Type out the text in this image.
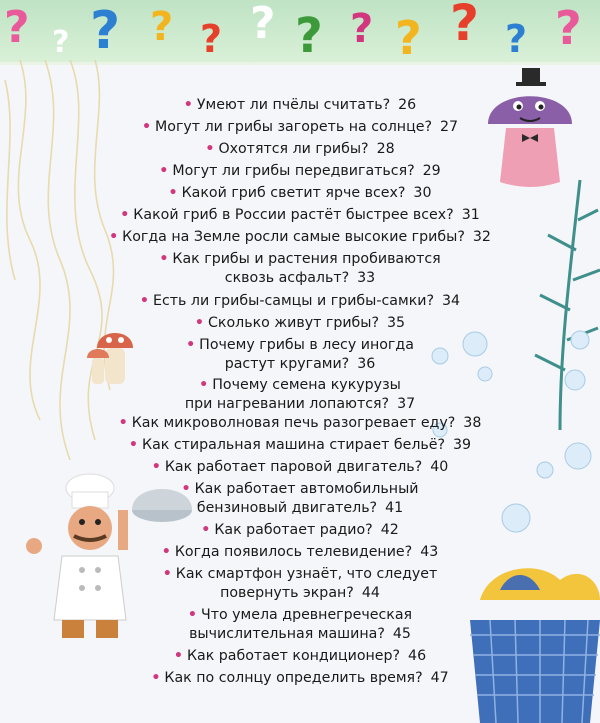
? ? ? ? ? ? ? ? ? ? ? ?
• Умеют ли пчёлы считать? 26
• Могут ли грибы загореть на солнце? 27
• Охотятся ли грибы? 28
• Могут ли грибы передвигаться? 29
• Какой гриб светит ярче всех? 30
• Какой гриб в России растёт быстрее всех? 31
• Когда на Земле росли самые высокие грибы? 32
• Как грибы и растения пробиваются
сквозь асфальт? 33
• Есть ли грибы-самцы и грибы-самки? 34
• Сколько живут грибы? 35
• Почему грибы в лесу иногда
растут кругами? 36
• Почему семена кукурузы
при нагревании лопаются? 37
• Как микроволновая печь разогревает еду? 38
• Как стиральная машина стирает бельё? 39
• Как работает паровой двигатель? 40
• Как работает автомобильный
бензиновый двигатель? 41
• Как работает радио? 42
• Когда появилось телевидение? 43
• Как смартфон узнаёт, что следует
повернуть экран? 44
• Что умела древнегреческая
вычислительная машина? 45
• Как работает кондиционер? 46
• Как по солнцу определить время? 47
